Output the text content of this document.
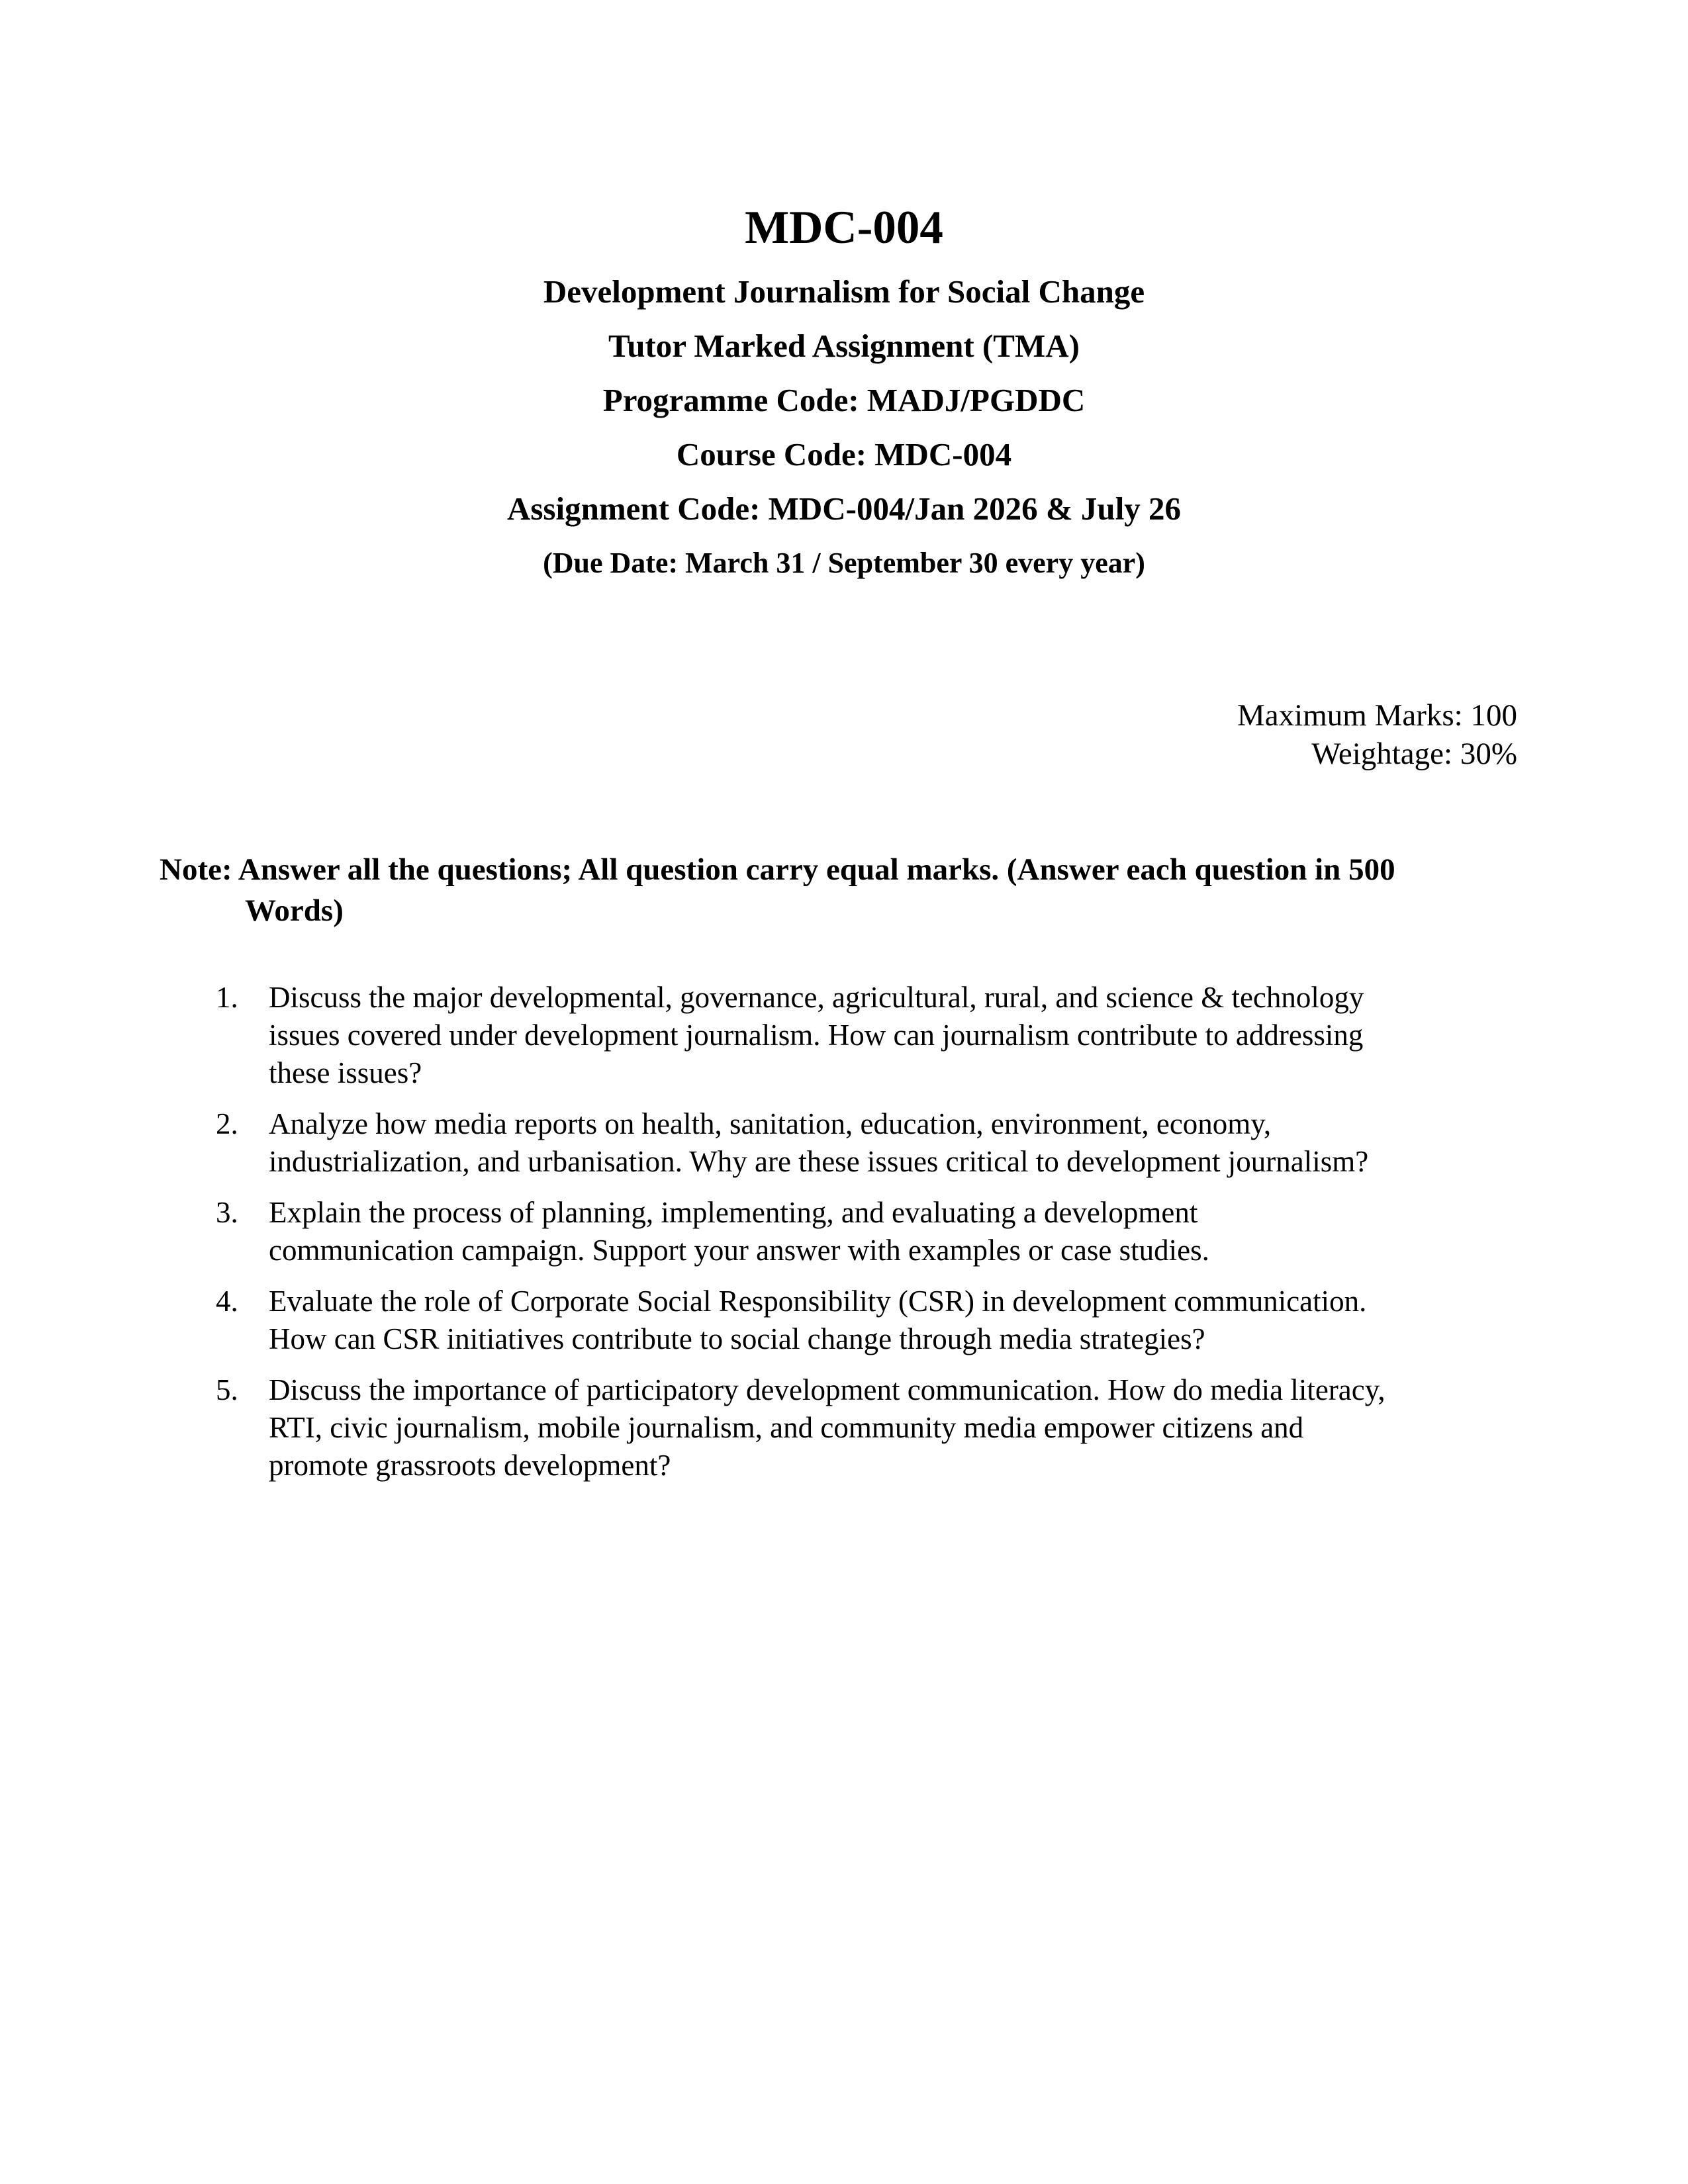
MDC-004
Development Journalism for Social Change
Tutor Marked Assignment (TMA)
Programme Code: MADJ/PGDDC
Course Code: MDC-004
Assignment Code: MDC-004/Jan 2026 & July 26
(Due Date: March 31 / September 30 every year)
Maximum Marks: 100
Weightage: 30%
Note: Answer all the questions; All question carry equal marks. (Answer each question in 500
Words)
1. Discuss the major developmental, governance, agricultural, rural, and science & technology
issues covered under development journalism. How can journalism contribute to addressing
these issues?
2. Analyze how media reports on health, sanitation, education, environment, economy,
industrialization, and urbanisation. Why are these issues critical to development journalism?
3. Explain the process of planning, implementing, and evaluating a development
communication campaign. Support your answer with examples or case studies.
4. Evaluate the role of Corporate Social Responsibility (CSR) in development communication.
How can CSR initiatives contribute to social change through media strategies?
5. Discuss the importance of participatory development communication. How do media literacy,
RTI, civic journalism, mobile journalism, and community media empower citizens and
promote grassroots development?
